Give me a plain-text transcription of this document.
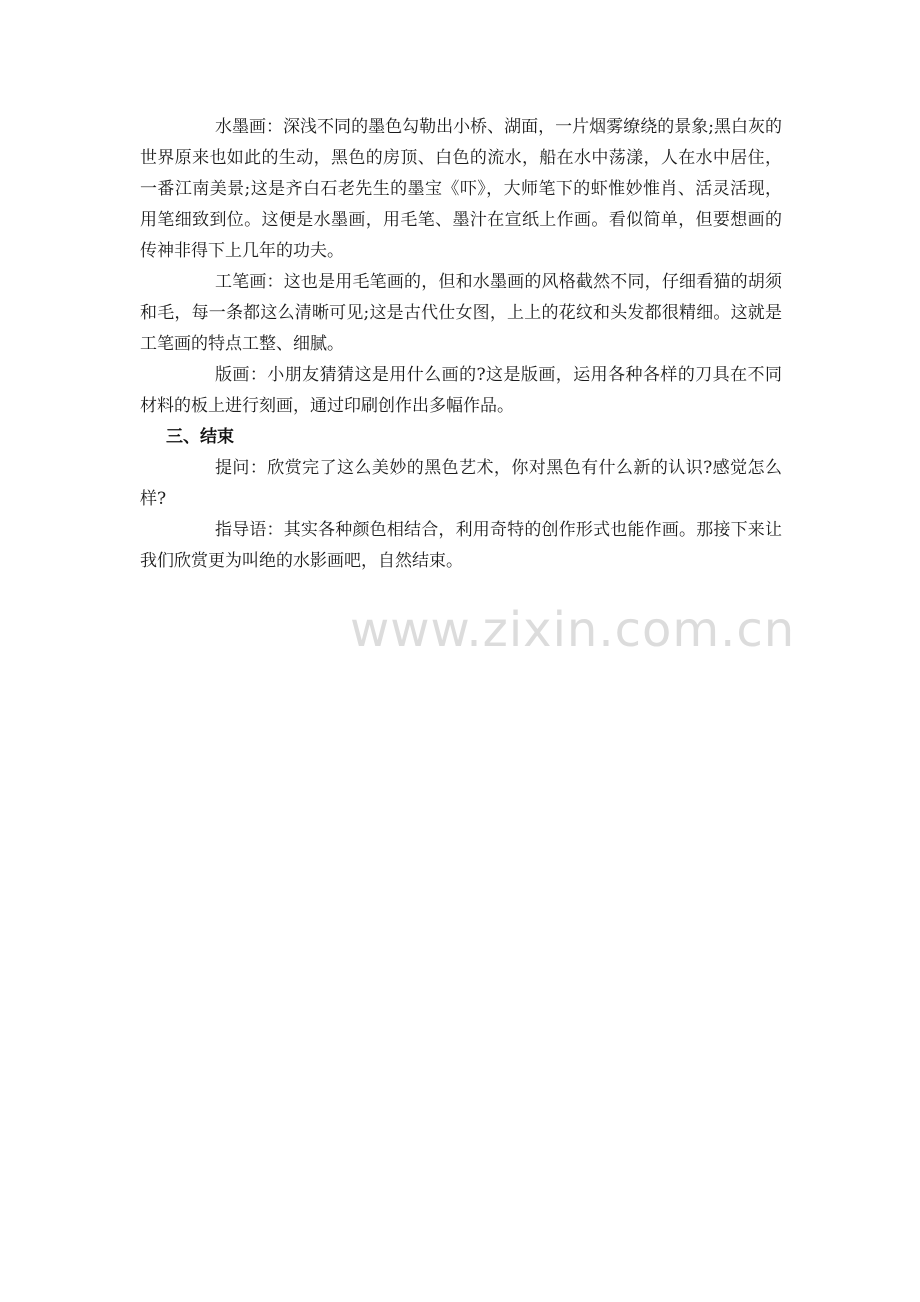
水墨画：深浅不同的墨色勾勒出小桥、湖面，一片烟雾缭绕的景象;黑白灰的世界原来也如此的生动，黑色的房顶、白色的流水，船在水中荡漾，人在水中居住，一番江南美景;这是齐白石老先生的墨宝《吓》，大师笔下的虾惟妙惟肖、活灵活现，用笔细致到位。这便是水墨画，用毛笔、墨汁在宣纸上作画。看似简单，但要想画的传神非得下上几年的功夫。

工笔画：这也是用毛笔画的，但和水墨画的风格截然不同，仔细看猫的胡须和毛，每一条都这么清晰可见;这是古代仕女图，上上的花纹和头发都很精细。这就是工笔画的特点工整、细腻。

版画：小朋友猜猜这是用什么画的?这是版画，运用各种各样的刀具在不同材料的板上进行刻画，通过印刷创作出多幅作品。

三、结束

提问：欣赏完了这么美妙的黑色艺术，你对黑色有什么新的认识?感觉怎么样?

指导语：其实各种颜色相结合，利用奇特的创作形式也能作画。那接下来让我们欣赏更为叫绝的水影画吧，自然结束。

www.zixin.com.cn
